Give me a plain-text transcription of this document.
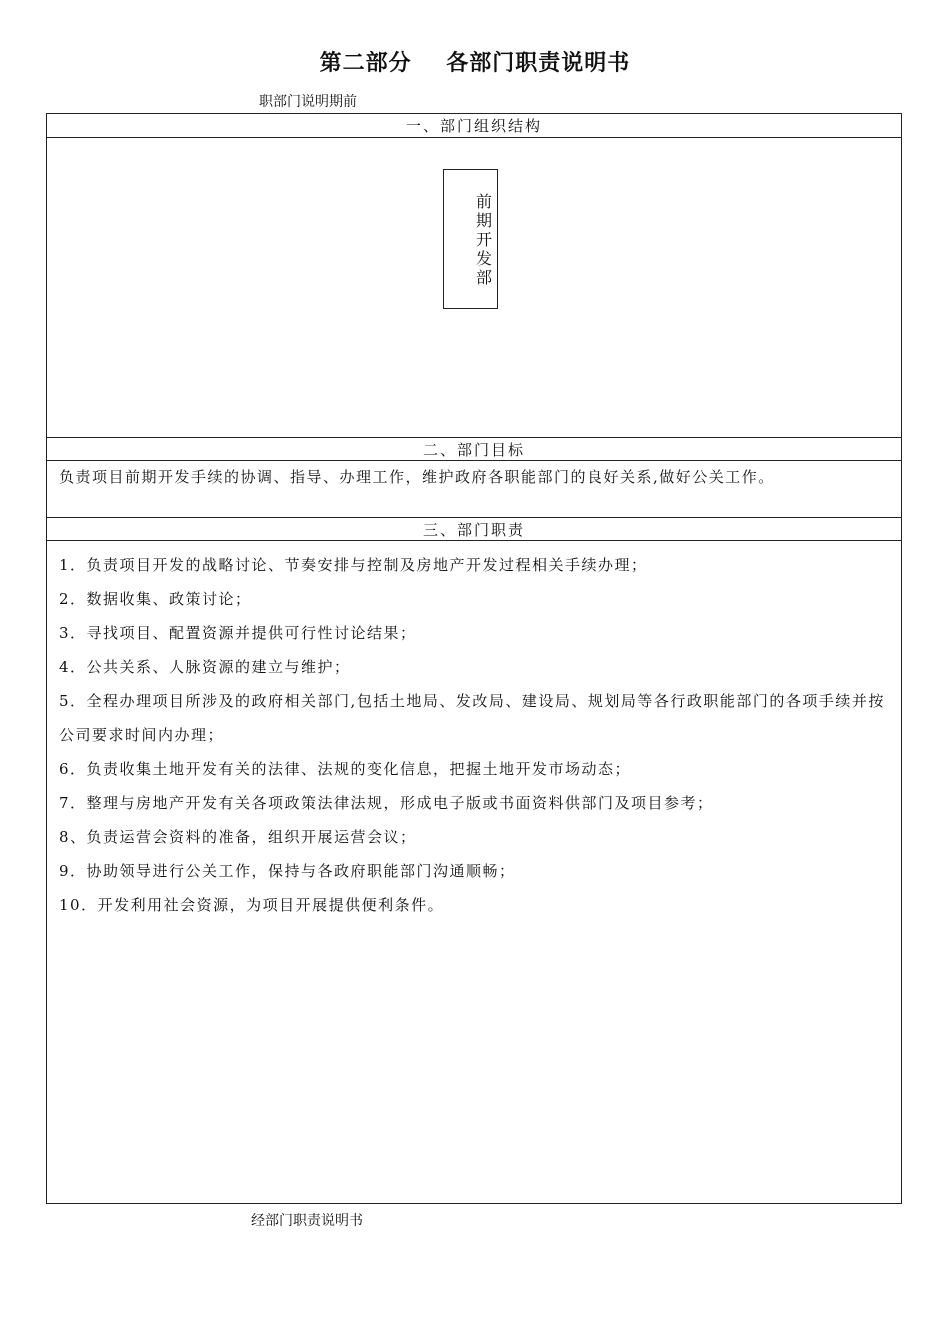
第二部分    各部门职责说明书
职部门说明期前
一、部门组织结构
前期开发部
二、部门目标
负责项目前期开发手续的协调、指导、办理工作，维护政府各职能部门的良好关系,做好公关工作。
三、部门职责

1．负责项目开发的战略讨论、节奏安排与控制及房地产开发过程相关手续办理；

2．数据收集、政策讨论；

3．寻找项目、配置资源并提供可行性讨论结果；

4．公共关系、人脉资源的建立与维护；

5．全程办理项目所涉及的政府相关部门,包括土地局、发改局、建设局、规划局等各行政职能部门的各项手续并按公司要求时间内办理；

6．负责收集土地开发有关的法律、法规的变化信息，把握土地开发市场动态；

7．整理与房地产开发有关各项政策法律法规，形成电子版或书面资料供部门及项目参考；

8、负责运营会资料的准备，组织开展运营会议；

9．协助领导进行公关工作，保持与各政府职能部门沟通顺畅；

10．开发利用社会资源，为项目开展提供便利条件。

经部门职责说明书
